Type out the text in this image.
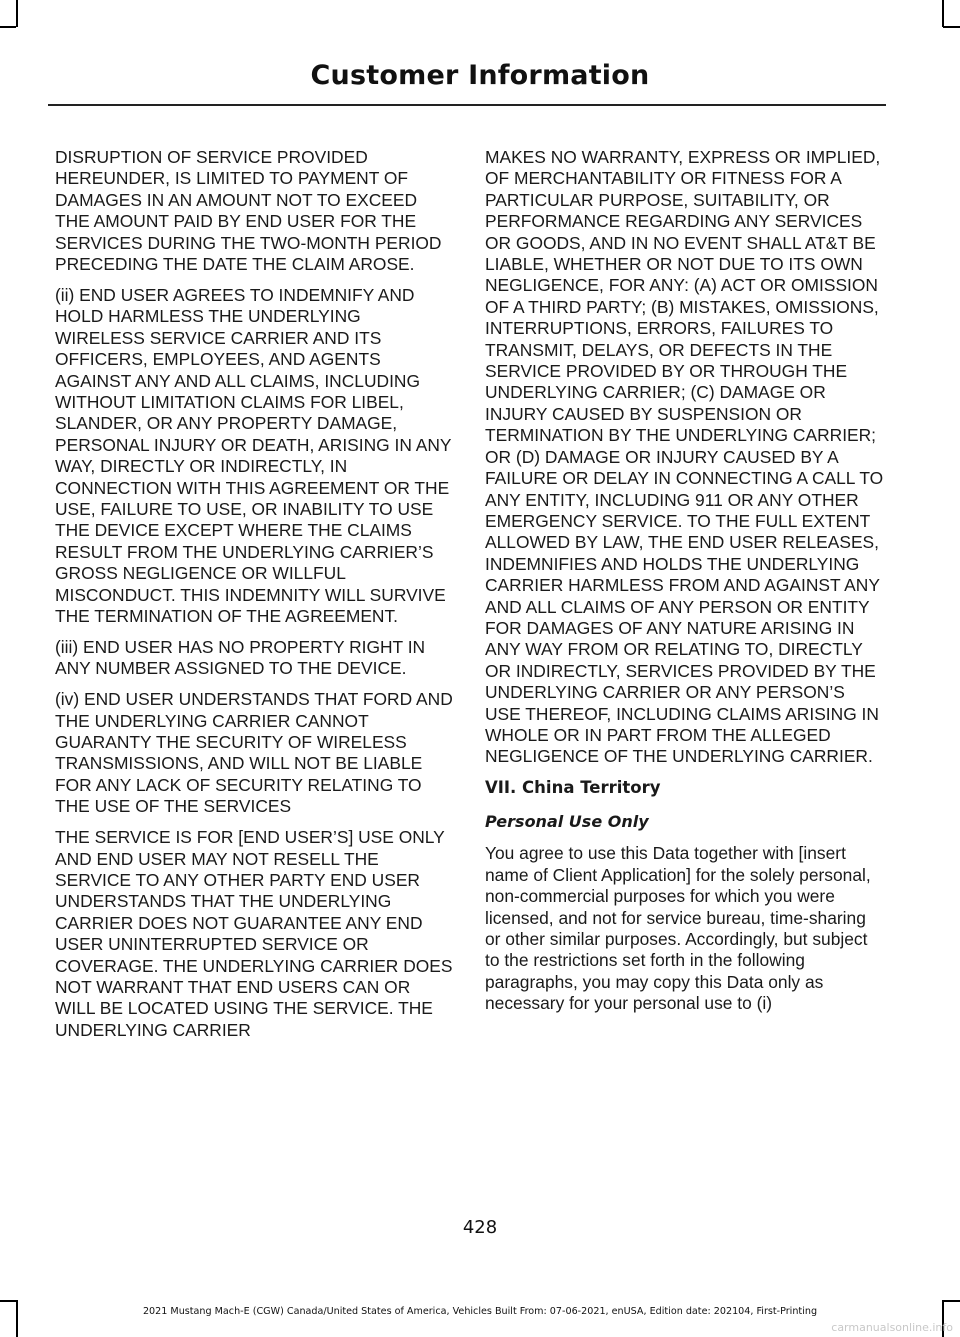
Customer Information

DISRUPTION OF SERVICE PROVIDED HEREUNDER, IS LIMITED TO PAYMENT OF DAMAGES IN AN AMOUNT NOT TO EXCEED THE AMOUNT PAID BY END USER FOR THE SERVICES DURING THE TWO-MONTH PERIOD PRECEDING THE DATE THE CLAIM AROSE.

(ii) END USER AGREES TO INDEMNIFY AND HOLD HARMLESS THE UNDERLYING WIRELESS SERVICE CARRIER AND ITS OFFICERS, EMPLOYEES, AND AGENTS AGAINST ANY AND ALL CLAIMS, INCLUDING WITHOUT LIMITATION CLAIMS FOR LIBEL, SLANDER, OR ANY PROPERTY DAMAGE, PERSONAL INJURY OR DEATH, ARISING IN ANY WAY, DIRECTLY OR INDIRECTLY, IN CONNECTION WITH THIS AGREEMENT OR THE USE, FAILURE TO USE, OR INABILITY TO USE THE DEVICE EXCEPT WHERE THE CLAIMS RESULT FROM THE UNDERLYING CARRIER’S GROSS NEGLIGENCE OR WILLFUL MISCONDUCT. THIS INDEMNITY WILL SURVIVE THE TERMINATION OF THE AGREEMENT.

(iii) END USER HAS NO PROPERTY RIGHT IN ANY NUMBER ASSIGNED TO THE DEVICE.

(iv) END USER UNDERSTANDS THAT FORD AND THE UNDERLYING CARRIER CANNOT GUARANTY THE SECURITY OF WIRELESS TRANSMISSIONS, AND WILL NOT BE LIABLE FOR ANY LACK OF SECURITY RELATING TO THE USE OF THE SERVICES

THE SERVICE IS FOR [END USER’S] USE ONLY AND END USER MAY NOT RESELL THE SERVICE TO ANY OTHER PARTY END USER UNDERSTANDS THAT THE UNDERLYING CARRIER DOES NOT GUARANTEE ANY END USER UNINTERRUPTED SERVICE OR COVERAGE. THE UNDERLYING CARRIER DOES NOT WARRANT THAT END USERS CAN OR WILL BE LOCATED USING THE SERVICE. THE UNDERLYING CARRIER

MAKES NO WARRANTY, EXPRESS OR IMPLIED, OF MERCHANTABILITY OR FITNESS FOR A PARTICULAR PURPOSE, SUITABILITY, OR PERFORMANCE REGARDING ANY SERVICES OR GOODS, AND IN NO EVENT SHALL AT&T BE LIABLE, WHETHER OR NOT DUE TO ITS OWN NEGLIGENCE, FOR ANY: (A) ACT OR OMISSION OF A THIRD PARTY; (B) MISTAKES, OMISSIONS, INTERRUPTIONS, ERRORS, FAILURES TO TRANSMIT, DELAYS, OR DEFECTS IN THE SERVICE PROVIDED BY OR THROUGH THE UNDERLYING CARRIER; (C) DAMAGE OR INJURY CAUSED BY SUSPENSION OR TERMINATION BY THE UNDERLYING CARRIER; OR (D) DAMAGE OR INJURY CAUSED BY A FAILURE OR DELAY IN CONNECTING A CALL TO ANY ENTITY, INCLUDING 911 OR ANY OTHER EMERGENCY SERVICE. TO THE FULL EXTENT ALLOWED BY LAW, THE END USER RELEASES, INDEMNIFIES AND HOLDS THE UNDERLYING CARRIER HARMLESS FROM AND AGAINST ANY AND ALL CLAIMS OF ANY PERSON OR ENTITY FOR DAMAGES OF ANY NATURE ARISING IN ANY WAY FROM OR RELATING TO, DIRECTLY OR INDIRECTLY, SERVICES PROVIDED BY THE UNDERLYING CARRIER OR ANY PERSON’S USE THEREOF, INCLUDING CLAIMS ARISING IN WHOLE OR IN PART FROM THE ALLEGED NEGLIGENCE OF THE UNDERLYING CARRIER.

VII. China Territory
Personal Use Only

You agree to use this Data together with [insert name of Client Application] for the solely personal, non-commercial purposes for which you were licensed, and not for service bureau, time-sharing or other similar purposes. Accordingly, but subject to the restrictions set forth in the following paragraphs, you may copy this Data only as necessary for your personal use to (i)

428
2021 Mustang Mach-E (CGW) Canada/United States of America, Vehicles Built From: 07-06-2021, enUSA, Edition date: 202104, First-Printing
carmanualsonline.info
